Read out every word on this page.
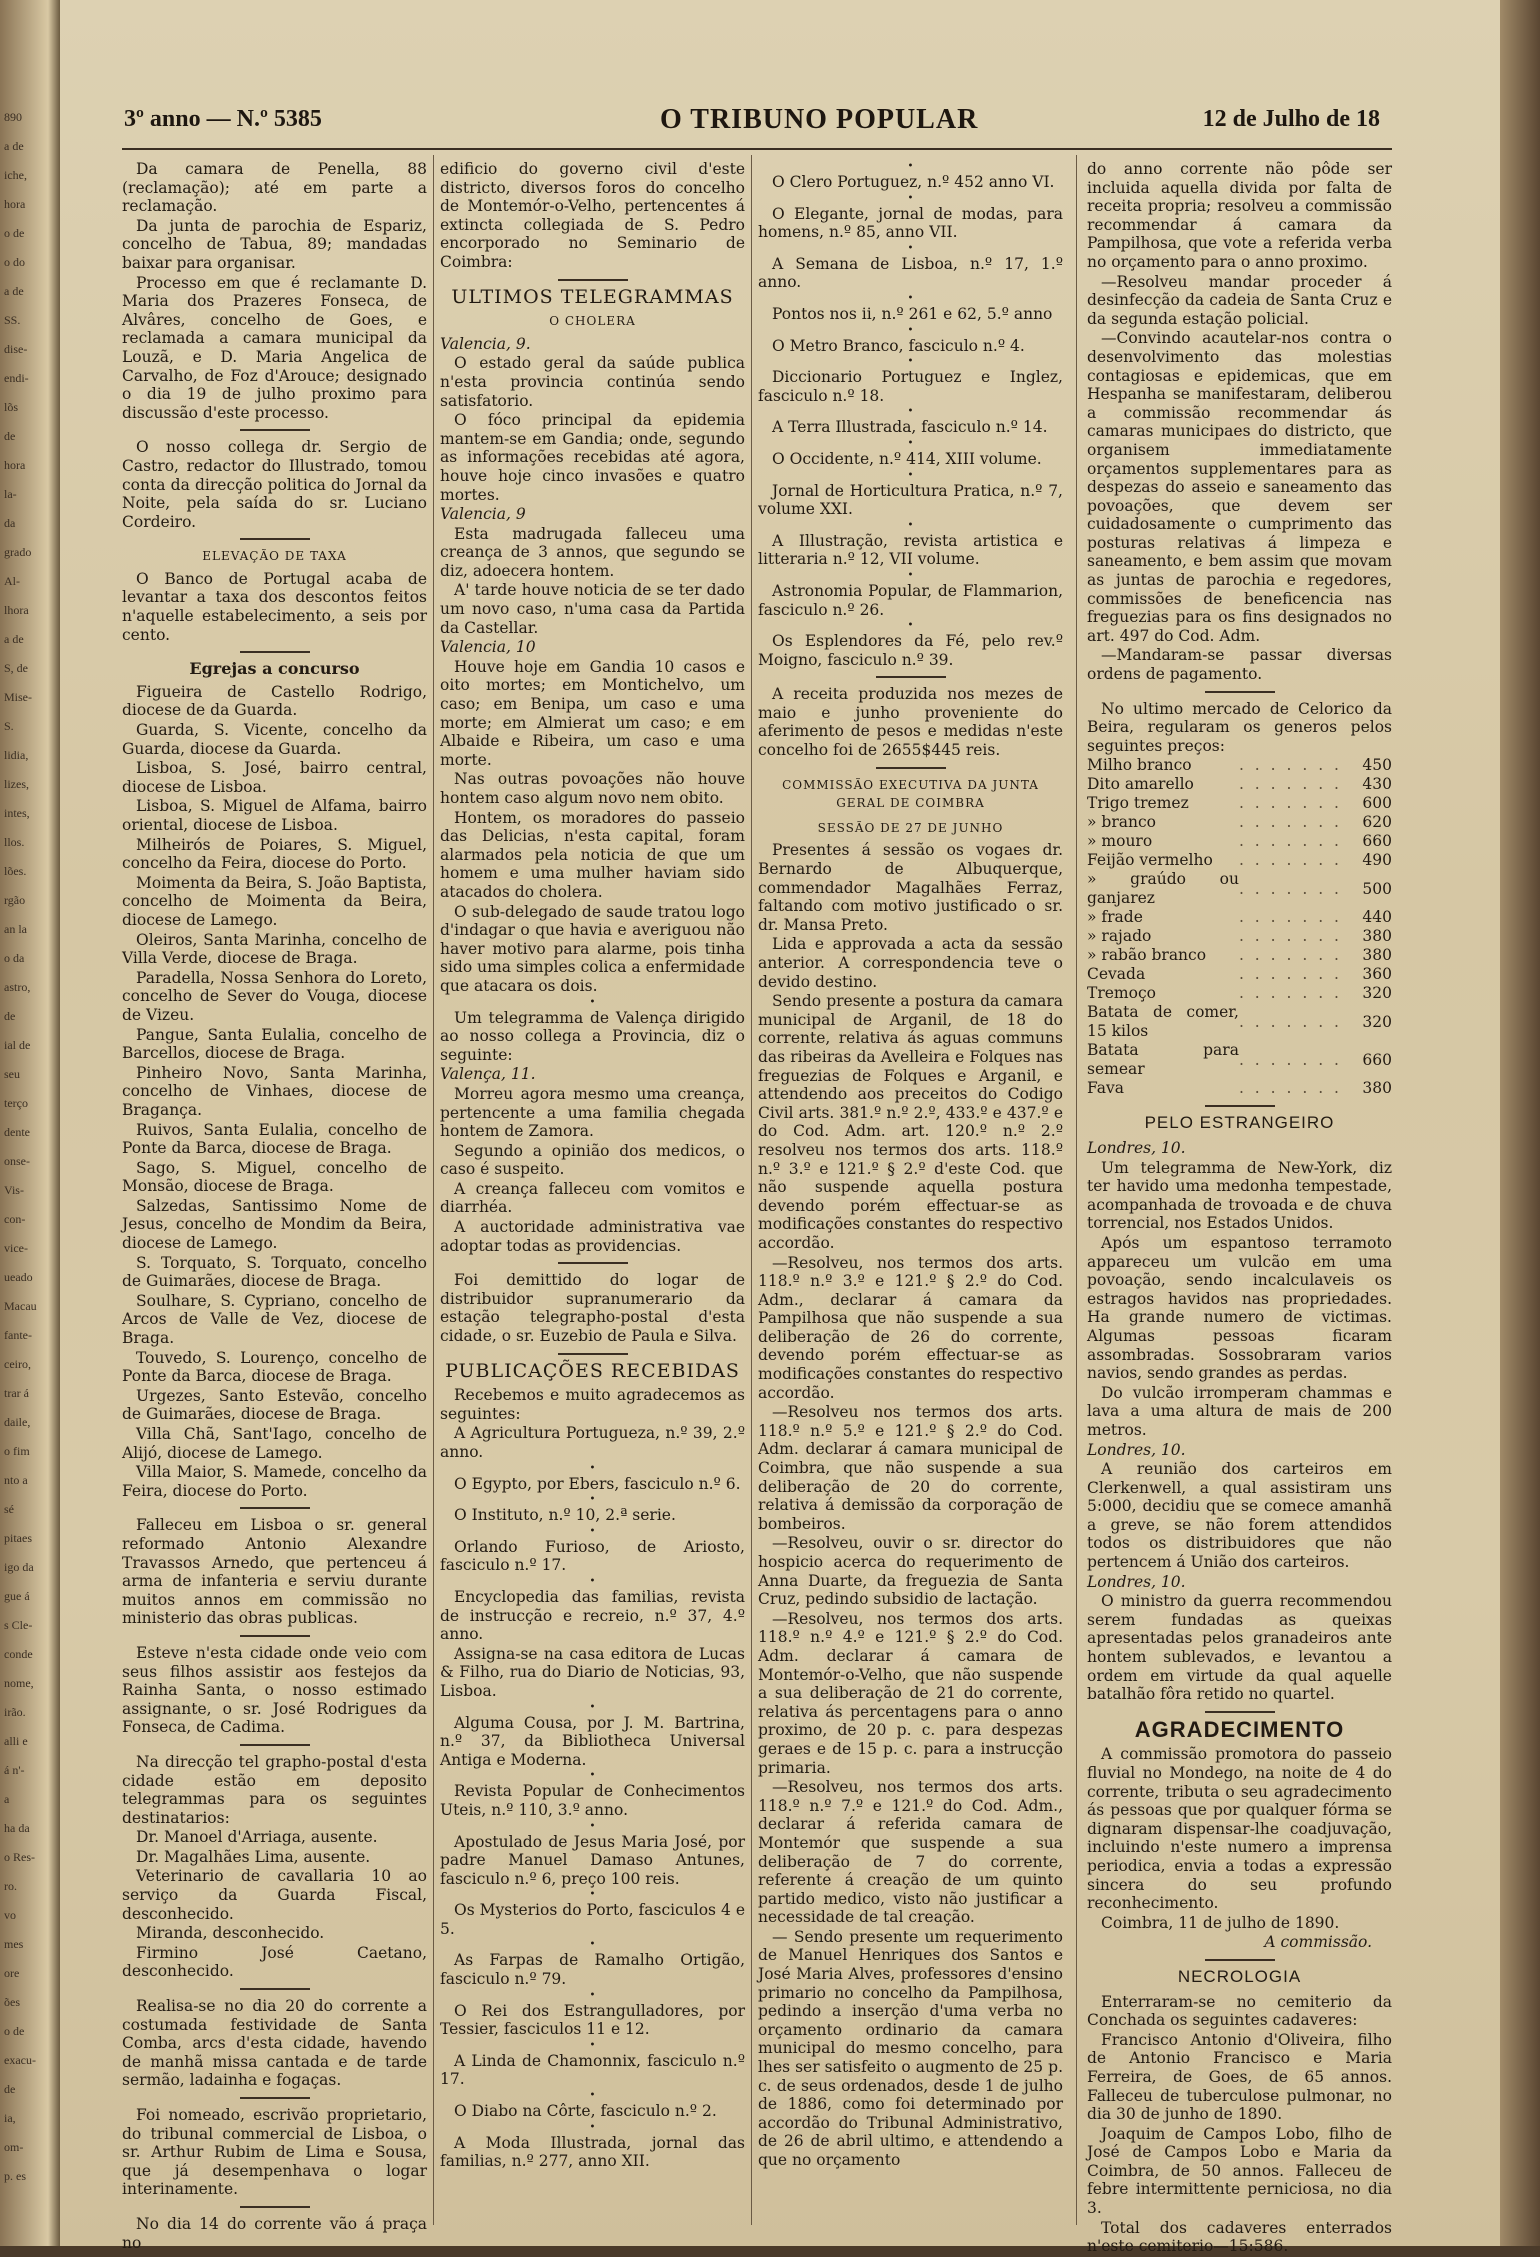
890
a de
iche,
hora
o de
o do
a de
SS.
dise-
endi-
lõs
de
hora
la-
da
grado
Al-
lhora
a de
S, de
Mise-
S.
lidia,
lizes,
intes,
llos.
lões.
rgão
an la
o da
astro,
de
ial de
seu
terço
dente
onse-
Vis-
con-
vice-
ueado
Macau
fante-
ceiro,
trar á
daile,
o fim
nto a
sé
pitaes
igo da
gue á
s Cle-
conde
nome,
irão.
alli e
á n'-
a
ha da
o Res-
ro.
vo
mes
ore
ões
o de
exacu-
de
ia,
om-
p. es
3º anno — N.º 5385	O TRIBUNO POPULAR	12 de Julho de 18
Da camara de Penella, 88 (reclamação); até em parte a reclamação.
Da junta de parochia de Espariz, concelho de Tabua, 89; mandadas baixar para organisar.
Processo em que é reclamante D. Maria dos Prazeres Fonseca, de Alvâres, concelho de Goes, e reclamada a camara municipal da Louzã, e D. Maria Angelica de Carvalho, de Foz d'Arouce; designado o dia 19 de julho proximo para discussão d'este processo.
O nosso collega dr. Sergio de Castro, redactor do Illustrado, tomou conta da direcção politica do Jornal da Noite, pela saída do sr. Luciano Cordeiro.
ELEVAÇÃO DE TAXA
O Banco de Portugal acaba de levantar a taxa dos descontos feitos n'aquelle estabelecimento, a seis por cento.
Egrejas a concurso
Figueira de Castello Rodrigo, diocese de da Guarda.
Guarda, S. Vicente, concelho da Guarda, diocese da Guarda.
Lisboa, S. José, bairro central, diocese de Lisboa.
Lisboa, S. Miguel de Alfama, bairro oriental, diocese de Lisboa.
Milheirós de Poiares, S. Miguel, concelho da Feira, diocese do Porto.
Moimenta da Beira, S. João Baptista, concelho de Moimenta da Beira, diocese de Lamego.
Oleiros, Santa Marinha, concelho de Villa Verde, diocese de Braga.
Paradella, Nossa Senhora do Loreto, concelho de Sever do Vouga, diocese de Vizeu.
Pangue, Santa Eulalia, concelho de Barcellos, diocese de Braga.
Pinheiro Novo, Santa Marinha, concelho de Vinhaes, diocese de Bragança.
Ruivos, Santa Eulalia, concelho de Ponte da Barca, diocese de Braga.
Sago, S. Miguel, concelho de Monsão, diocese de Braga.
Salzedas, Santissimo Nome de Jesus, concelho de Mondim da Beira, diocese de Lamego.
S. Torquato, S. Torquato, concelho de Guimarães, diocese de Braga.
Soulhare, S. Cypriano, concelho de Arcos de Valle de Vez, diocese de Braga.
Touvedo, S. Lourenço, concelho de Ponte da Barca, diocese de Braga.
Urgezes, Santo Estevão, concelho de Guimarães, diocese de Braga.
Villa Chã, Sant'Iago, concelho de Alijó, diocese de Lamego.
Villa Maior, S. Mamede, concelho da Feira, diocese do Porto.
Falleceu em Lisboa o sr. general reformado Antonio Alexandre Travassos Arnedo, que pertenceu á arma de infanteria e serviu durante muitos annos em commissão no ministerio das obras publicas.
Esteve n'esta cidade onde veio com seus filhos assistir aos festejos da Rainha Santa, o nosso estimado assignante, o sr. José Rodrigues da Fonseca, de Cadima.
Na direcção tel grapho-postal d'esta cidade estão em deposito telegrammas para os seguintes destinatarios:
Dr. Manoel d'Arriaga, ausente.
Dr. Magalhães Lima, ausente.
Veterinario de cavallaria 10 ao serviço da Guarda Fiscal, desconhecido.
Miranda, desconhecido.
Firmino José Caetano, desconhecido.
Realisa-se no dia 20 do corrente a costumada festividade de Santa Comba, arcs d'esta cidade, havendo de manhã missa cantada e de tarde sermão, ladainha e fogaças.
Foi nomeado, escrivão proprietario, do tribunal commercial de Lisboa, o sr. Arthur Rubim de Lima e Sousa, que já desempenhava o logar interinamente.
No dia 14 do corrente vão á praça no
edificio do governo civil d'este districto, diversos foros do concelho de Montemór-o-Velho, pertencentes á extincta collegiada de S. Pedro encorporado no Seminario de Coimbra:
ULTIMOS TELEGRAMMAS
O CHOLERA
Valencia, 9.
O estado geral da saúde publica n'esta provincia continúa sendo satisfatorio.
O fóco principal da epidemia mantem-se em Gandia; onde, segundo as informações recebidas até agora, houve hoje cinco invasões e quatro mortes.
Valencia, 9
Esta madrugada falleceu uma creança de 3 annos, que segundo se diz, adoecera hontem.
A' tarde houve noticia de se ter dado um novo caso, n'uma casa da Partida da Castellar.
Valencia, 10
Houve hoje em Gandia 10 casos e oito mortes; em Montichelvo, um caso; em Benipa, um caso e uma morte; em Almierat um caso; e em Albaide e Ribeira, um caso e uma morte.
Nas outras povoações não houve hontem caso algum novo nem obito.
Hontem, os moradores do passeio das Delicias, n'esta capital, foram alarmados pela noticia de que um homem e uma mulher haviam sido atacados do cholera.
O sub-delegado de saude tratou logo d'indagar o que havia e averiguou não haver motivo para alarme, pois tinha sido uma simples colica a enfermidade que atacara os dois.
•
Um telegramma de Valença dirigido ao nosso collega a Provincia, diz o seguinte:
Valença, 11.
Morreu agora mesmo uma creança, pertencente a uma familia chegada hontem de Zamora.
Segundo a opinião dos medicos, o caso é suspeito.
A creança falleceu com vomitos e diarrhéa.
A auctoridade administrativa vae adoptar todas as providencias.
Foi demittido do logar de distribuidor supranumerario da estação telegrapho-postal d'esta cidade, o sr. Euzebio de Paula e Silva.
PUBLICAÇÕES RECEBIDAS
Recebemos e muito agradecemos as seguintes:
A Agricultura Portugueza, n.º 39, 2.º anno.
•
O Egypto, por Ebers, fasciculo n.º 6.
•
O Instituto, n.º 10, 2.ª serie.
•
Orlando Furioso, de Ariosto, fasciculo n.º 17.
•
Encyclopedia das familias, revista de instrucção e recreio, n.º 37, 4.º anno.
Assigna-se na casa editora de Lucas & Filho, rua do Diario de Noticias, 93, Lisboa.
•
Alguma Cousa, por J. M. Bartrina, n.º 37, da Bibliotheca Universal Antiga e Moderna.
•
Revista Popular de Conhecimentos Uteis, n.º 110, 3.º anno.
•
Apostulado de Jesus Maria José, por padre Manuel Damaso Antunes, fasciculo n.º 6, preço 100 reis.
•
Os Mysterios do Porto, fasciculos 4 e 5.
•
As Farpas de Ramalho Ortigão, fasciculo n.º 79.
•
O Rei dos Estrangulladores, por Tessier, fasciculos 11 e 12.
•
A Linda de Chamonnix, fasciculo n.º 17.
•
O Diabo na Côrte, fasciculo n.º 2.
•
A Moda Illustrada, jornal das familias, n.º 277, anno XII.
•
O Clero Portuguez, n.º 452 anno VI.
•
O Elegante, jornal de modas, para homens, n.º 85, anno VII.
•
A Semana de Lisboa, n.º 17, 1.º anno.
•
Pontos nos ii, n.º 261 e 62, 5.º anno
•
O Metro Branco, fasciculo n.º 4.
•
Diccionario Portuguez e Inglez, fasciculo n.º 18.
•
A Terra Illustrada, fasciculo n.º 14.
•
O Occidente, n.º 414, XIII volume.
•
Jornal de Horticultura Pratica, n.º 7, volume XXI.
•
A Illustração, revista artistica e litteraria n.º 12, VII volume.
•
Astronomia Popular, de Flammarion, fasciculo n.º 26.
•
Os Esplendores da Fé, pelo rev.º Moigno, fasciculo n.º 39.
A receita produzida nos mezes de maio e junho proveniente do aferimento de pesos e medidas n'este concelho foi de 2655$445 reis.
COMMISSÃO EXECUTIVA DA JUNTA GERAL DE COIMBRA
SESSÃO DE 27 DE JUNHO
Presentes á sessão os vogaes dr. Bernardo de Albuquerque, commendador Magalhães Ferraz, faltando com motivo justificado o sr. dr. Mansa Preto.
Lida e approvada a acta da sessão anterior. A correspondencia teve o devido destino.
Sendo presente a postura da camara municipal de Arganil, de 18 do corrente, relativa ás aguas communs das ribeiras da Avelleira e Folques nas freguezias de Folques e Arganil, e attendendo aos preceitos do Codigo Civil arts. 381.º n.º 2.º, 433.º e 437.º e do Cod. Adm. art. 120.º n.º 2.º resolveu nos termos dos arts. 118.º n.º 3.º e 121.º § 2.º d'este Cod. que não suspende aquella postura devendo porém effectuar-se as modificações constantes do respectivo accordão.
—Resolveu, nos termos dos arts. 118.º n.º 3.º e 121.º § 2.º do Cod. Adm., declarar á camara da Pampilhosa que não suspende a sua deliberação de 26 do corrente, devendo porém effectuar-se as modificações constantes do respectivo accordão.
—Resolveu nos termos dos arts. 118.º n.º 5.º e 121.º § 2.º do Cod. Adm. declarar á camara municipal de Coimbra, que não suspende a sua deliberação de 20 do corrente, relativa á demissão da corporação de bombeiros.
—Resolveu, ouvir o sr. director do hospicio acerca do requerimento de Anna Duarte, da freguezia de Santa Cruz, pedindo subsidio de lactação.
—Resolveu, nos termos dos arts. 118.º n.º 4.º e 121.º § 2.º do Cod. Adm. declarar á camara de Montemór-o-Velho, que não suspende a sua deliberação de 21 do corrente, relativa ás percentagens para o anno proximo, de 20 p. c. para despezas geraes e de 15 p. c. para a instrucção primaria.
—Resolveu, nos termos dos arts. 118.º n.º 7.º e 121.º do Cod. Adm., declarar á referida camara de Montemór que suspende a sua deliberação de 7 do corrente, referente á creação de um quinto partido medico, visto não justificar a necessidade de tal creação.
— Sendo presente um requerimento de Manuel Henriques dos Santos e José Maria Alves, professores d'ensino primario no concelho da Pampilhosa, pedindo a inserção d'uma verba no orçamento ordinario da camara municipal do mesmo concelho, para lhes ser satisfeito o augmento de 25 p. c. de seus ordenados, desde 1 de julho de 1886, como foi determinado por accordão do Tribunal Administrativo, de 26 de abril ultimo, e attendendo a que no orçamento
do anno corrente não pôde ser incluida aquella divida por falta de receita propria; resolveu a commissão recommendar á camara da Pampilhosa, que vote a referida verba no orçamento para o anno proximo.
—Resolveu mandar proceder á desinfecção da cadeia de Santa Cruz e da segunda estação policial.
—Convindo acautelar-nos contra o desenvolvimento das molestias contagiosas e epidemicas, que em Hespanha se manifestaram, deliberou a commissão recommendar ás camaras municipaes do districto, que organisem immediatamente orçamentos supplementares para as despezas do asseio e saneamento das povoações, que devem ser cuidadosamente o cumprimento das posturas relativas á limpeza e saneamento, e bem assim que movam as juntas de parochia e regedores, commissões de beneficencia nas freguezias para os fins designados no art. 497 do Cod. Adm.
—Mandaram-se passar diversas ordens de pagamento.
No ultimo mercado de Celorico da Beira, regularam os generos pelos seguintes preços:
Milho branco	. . . . . . .	450
Dito amarello	. . . . . . .	430
Trigo tremez	. . . . . . .	600
» branco	. . . . . . .	620
» mouro	. . . . . . .	660
Feijão vermelho	. . . . . . .	490
» graúdo ou ganjarez	. . . . . . .	500
» frade	. . . . . . .	440
» rajado	. . . . . . .	380
» rabão branco	. . . . . . .	380
Cevada	. . . . . . .	360
Tremoço	. . . . . . .	320
Batata de comer, 15 kilos	. . . . . . .	320
Batata para semear	. . . . . . .	660
Fava	. . . . . . .	380
PELO ESTRANGEIRO
Londres, 10.
Um telegramma de New-York, diz ter havido uma medonha tempestade, acompanhada de trovoada e de chuva torrencial, nos Estados Unidos.
Após um espantoso terramoto appareceu um vulcão em uma povoação, sendo incalculaveis os estragos havidos nas propriedades. Ha grande numero de victimas. Algumas pessoas ficaram assombradas. Sossobraram varios navios, sendo grandes as perdas.
Do vulcão irromperam chammas e lava a uma altura de mais de 200 metros.
Londres, 10.
A reunião dos carteiros em Clerkenwell, a qual assistiram uns 5:000, decidiu que se comece amanhã a greve, se não forem attendidos todos os distribuidores que não pertencem á União dos carteiros.
Londres, 10.
O ministro da guerra recommendou serem fundadas as queixas apresentadas pelos granadeiros ante hontem sublevados, e levantou a ordem em virtude da qual aquelle batalhão fôra retido no quartel.
AGRADECIMENTO
A commissão promotora do passeio fluvial no Mondego, na noite de 4 do corrente, tributa o seu agradecimento ás pessoas que por qualquer fórma se dignaram dispensar-lhe coadjuvação, incluindo n'este numero a imprensa periodica, envia a todas a expressão sincera do seu profundo reconhecimento.
Coimbra, 11 de julho de 1890.
A commissão.
NECROLOGIA
Enterraram-se no cemiterio da Conchada os seguintes cadaveres:
Francisco Antonio d'Oliveira, filho de Antonio Francisco e Maria Ferreira, de Goes, de 65 annos. Falleceu de tuberculose pulmonar, no dia 30 de junho de 1890.
Joaquim de Campos Lobo, filho de José de Campos Lobo e Maria da Coimbra, de 50 annos. Falleceu de febre intermittente perniciosa, no dia 3.
Total dos cadaveres enterrados n'este cemiterio—15:586.
